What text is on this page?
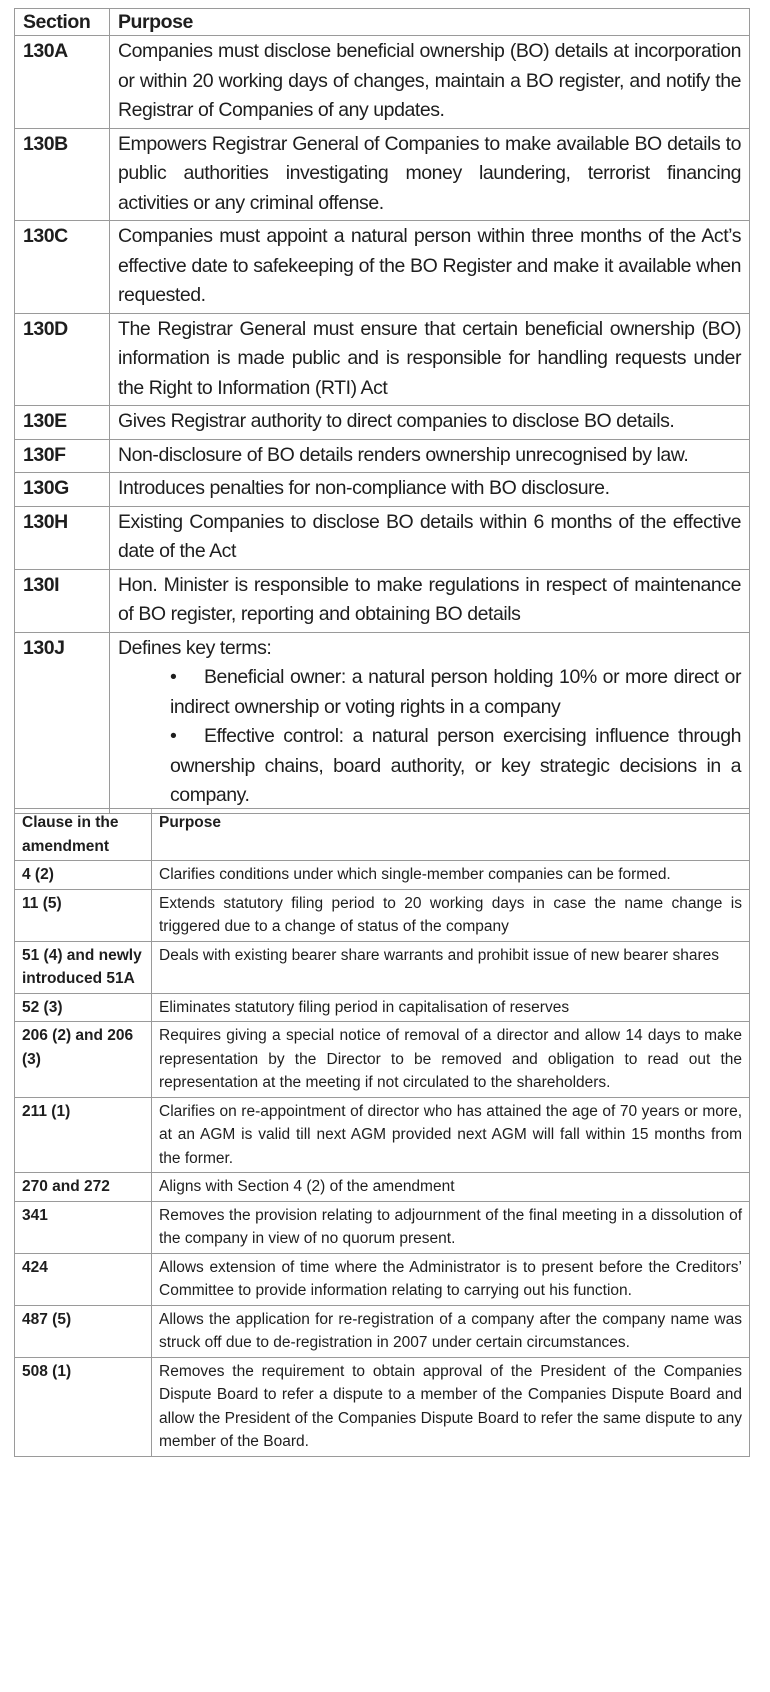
Section	Purpose
130A	Companies must disclose beneficial ownership (BO) details at incorporation or within 20 working days of changes, maintain a BO register, and notify the Registrar of Companies of any updates.
130B	Empowers Registrar General of Companies to make available BO details to public authorities investigating money laundering, terrorist financing activities or any criminal offense.
130C	Companies must appoint a natural person within three months of the Act’s effective date to safekeeping of the BO Register and make it available when requested.
130D	The Registrar General must ensure that certain beneficial ownership (BO) information is made public and is responsible for handling requests under the Right to Information (RTI) Act
130E	Gives Registrar authority to direct companies to disclose BO details.
130F	Non-disclosure of BO details renders ownership unrecognised by law.
130G	Introduces penalties for non-compliance with BO disclosure.
130H	Existing Companies to disclose BO details within 6 months of the effective date of the Act
130I	Hon. Minister is responsible to make regulations in respect of maintenance of BO register, reporting and obtaining BO details
130J	Defines key terms:
• Beneficial owner: a natural person holding 10% or more direct or indirect ownership or voting rights in a company
• Effective control: a natural person exercising influence through ownership chains, board authority, or key strategic decisions in a company.
Clause in the amendment	Purpose
4 (2)	Clarifies conditions under which single-member companies can be formed.
11 (5)	Extends statutory filing period to 20 working days in case the name change is triggered due to a change of status of the company
51 (4) and newly introduced 51A	Deals with existing bearer share warrants and prohibit issue of new bearer shares
52 (3)	Eliminates statutory filing period in capitalisation of reserves
206 (2) and 206 (3)	Requires giving a special notice of removal of a director and allow 14 days to make representation by the Director to be removed and obligation to read out the representation at the meeting if not circulated to the shareholders.
211 (1)	Clarifies on re-appointment of director who has attained the age of 70 years or more, at an AGM is valid till next AGM provided next AGM will fall within 15 months from the former.
270 and 272	Aligns with Section 4 (2) of the amendment
341	Removes the provision relating to adjournment of the final meeting in a dissolution of the company in view of no quorum present.
424	Allows extension of time where the Administrator is to present before the Creditors’ Committee to provide information relating to carrying out his function.
487 (5)	Allows the application for re-registration of a company after the company name was struck off due to de-registration in 2007 under certain circumstances.
508 (1)	Removes the requirement to obtain approval of the President of the Companies Dispute Board to refer a dispute to a member of the Companies Dispute Board and allow the President of the Companies Dispute Board to refer the same dispute to any member of the Board.
